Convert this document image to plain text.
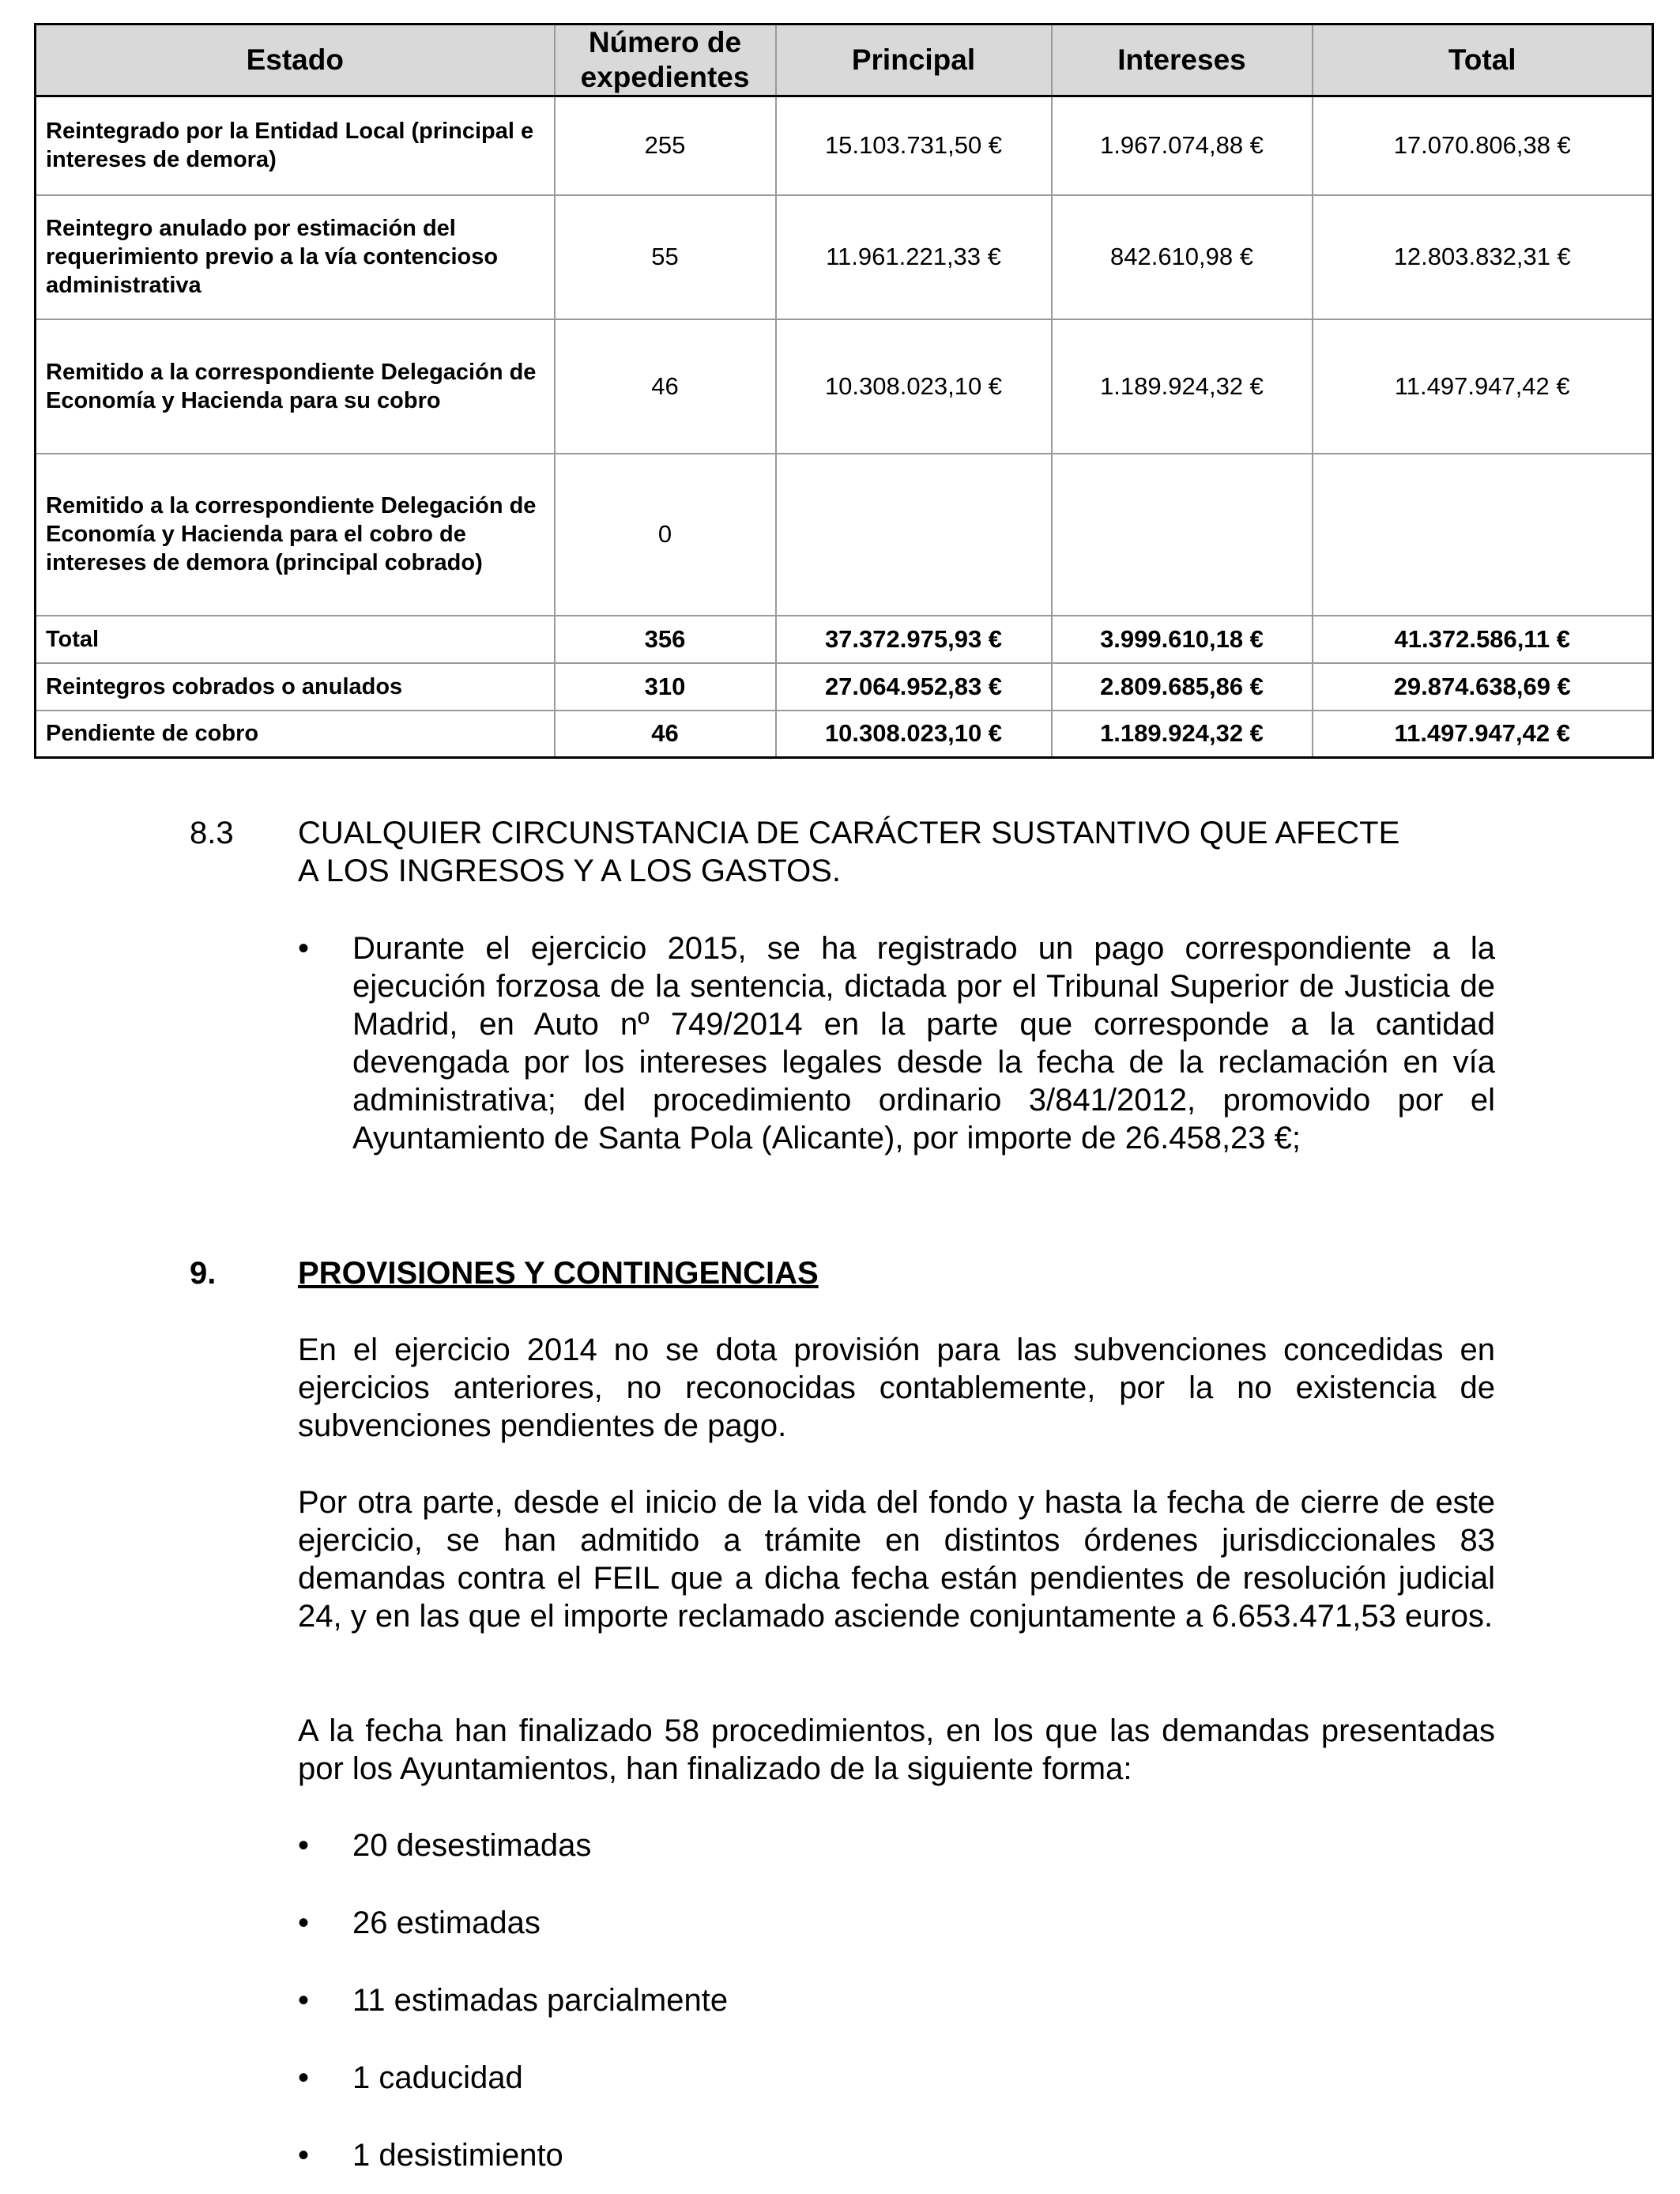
Estado	Número de expedientes	Principal	Intereses	Total
Reintegrado por la Entidad Local (principal e intereses de demora)	255	15.103.731,50 €	1.967.074,88 €	17.070.806,38 €
Reintegro anulado por estimación del requerimiento previo a la vía contencioso administrativa	55	11.961.221,33 €	842.610,98 €	12.803.832,31 €
Remitido a la correspondiente Delegación de Economía y Hacienda para su cobro	46	10.308.023,10 €	1.189.924,32 €	11.497.947,42 €
Remitido a la correspondiente Delegación de Economía y Hacienda para el cobro de intereses de demora (principal cobrado)	0			
Total	356	37.372.975,93 €	3.999.610,18 €	41.372.586,11 €
Reintegros cobrados o anulados	310	27.064.952,83 €	2.809.685,86 €	29.874.638,69 €
Pendiente de cobro	46	10.308.023,10 €	1.189.924,32 €	11.497.947,42 €
8.3 CUALQUIER CIRCUNSTANCIA DE CARÁCTER SUSTANTIVO QUE AFECTE
A LOS INGRESOS Y A LOS GASTOS.
• Durante el ejercicio 2015, se ha registrado un pago correspondiente a la ejecución forzosa de la sentencia, dictada por el Tribunal Superior de Justicia de Madrid, en Auto nº 749/2014 en la parte que corresponde a la cantidad devengada por los intereses legales desde la fecha de la reclamación en vía administrativa; del procedimiento ordinario 3/841/2012, promovido por el Ayuntamiento de Santa Pola (Alicante), por importe de 26.458,23 €;
9.	PROVISIONES Y CONTINGENCIAS
En el ejercicio 2014 no se dota provisión para las subvenciones concedidas en ejercicios anteriores, no reconocidas contablemente, por la no existencia de subvenciones pendientes de pago.
Por otra parte, desde el inicio de la vida del fondo y hasta la fecha de cierre de este ejercicio, se han admitido a trámite en distintos órdenes jurisdiccionales 83 demandas contra el FEIL que a dicha fecha están pendientes de resolución judicial 24, y en las que el importe reclamado asciende conjuntamente a 6.653.471,53 euros.
A la fecha han finalizado 58 procedimientos, en los que las demandas presentadas por los Ayuntamientos, han finalizado de la siguiente forma:
• 20 desestimadas
• 26 estimadas
• 11 estimadas parcialmente
• 1 caducidad
• 1 desistimiento
